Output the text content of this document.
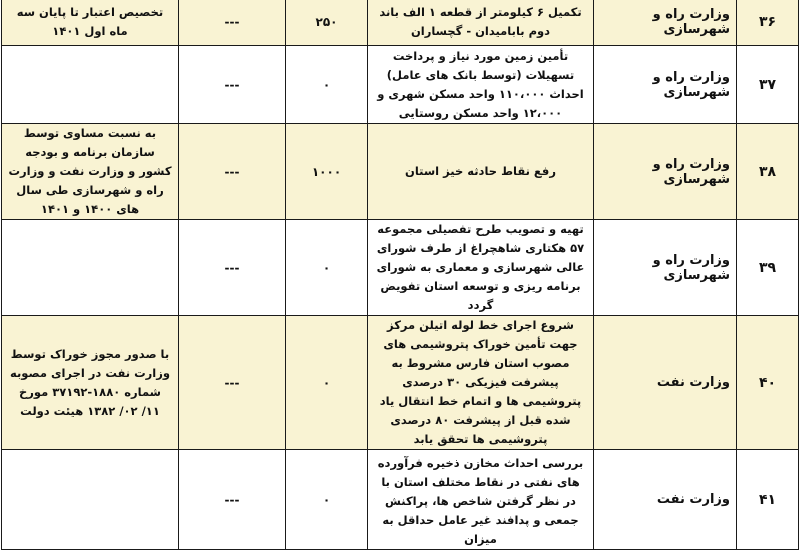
۳۶	وزارت راه و شهرسازی	تکمیل ۶ کیلومتر از قطعه ۱ الف باند دوم بابامیدان - گچساران	۲۵۰	---	تخصیص اعتبار تا پایان سه ماه اول ۱۴۰۱
۳۷	وزارت راه و شهرسازی	تأمین زمین مورد نیاز و پرداخت تسهیلات (توسط بانک های عامل) احداث ۱۱۰،۰۰۰ واحد مسکن شهری و ۱۲،۰۰۰ واحد مسکن روستایی	۰	---	
۳۸	وزارت راه و شهرسازی	رفع نقاط حادثه خیز استان	۱۰۰۰	---	به نسبت مساوی توسط سازمان برنامه و بودجه کشور و وزارت نفت و وزارت راه و شهرسازی طی سال های ۱۴۰۰ و ۱۴۰۱
۳۹	وزارت راه و شهرسازی	تهیه و تصویب طرح تفصیلی مجموعه ۵۷ هکتاری شاهچراغ از طرف شورای عالی شهرسازی و معماری به شورای برنامه ریزی و توسعه استان تفویض گردد	۰	---	
۴۰	وزارت نفت	شروع اجرای خط لوله اتیلن مرکز جهت تأمین خوراک پتروشیمی های مصوب استان فارس مشروط به پیشرفت فیزیکی ۳۰ درصدی پتروشیمی ها و اتمام خط انتقال یاد شده قبل از پیشرفت ۸۰ درصدی پتروشیمی ها تحقق یابد	۰	---	با صدور مجوز خوراک توسط وزارت نفت در اجرای مصوبه شماره ۱۸۸۰-۳۷۱۹۲ مورخ ۱۱/ ۰۲/ ۱۳۸۲ هیئت دولت
۴۱	وزارت نفت	بررسی احداث مخازن ذخیره فرآورده های نفتی در نقاط مختلف استان با در نظر گرفتن شاخص ها، پراکنش جمعی و پدافند غیر عامل حداقل به میزان	۰	---	
